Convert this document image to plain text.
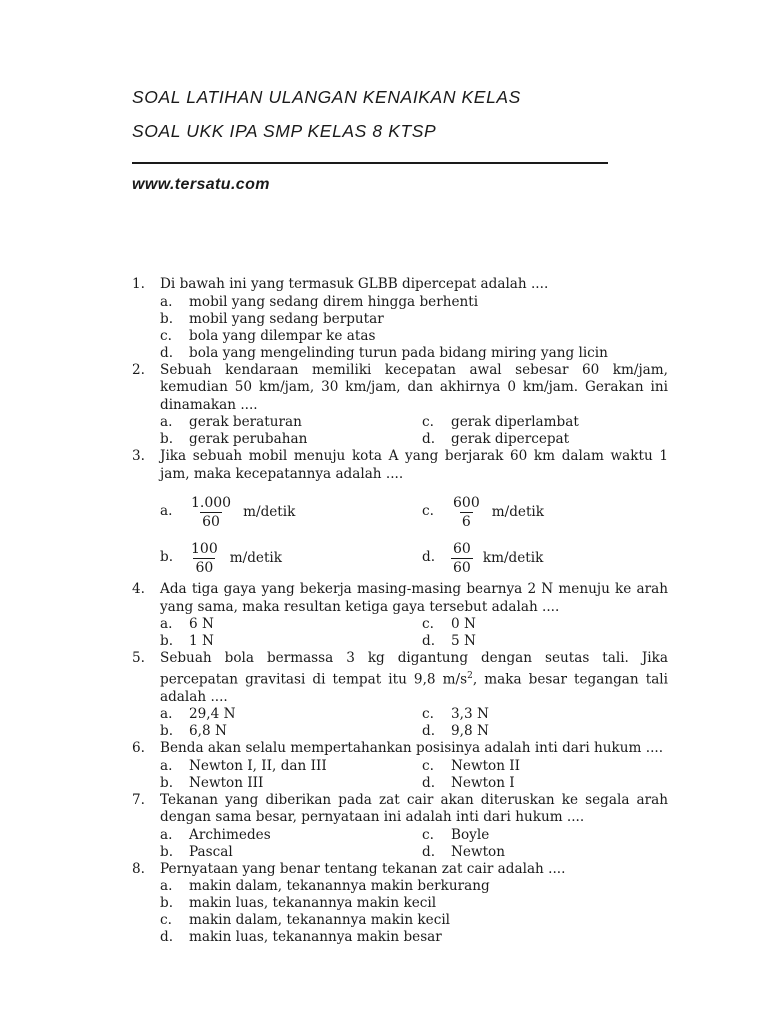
SOAL LATIHAN ULANGAN KENAIKAN KELAS

SOAL UKK IPA SMP KELAS 8 KTSP

www.tersatu.com
1. Di bawah ini yang termasuk GLBB dipercepat adalah ....
a. mobil yang sedang direm hingga berhenti
b. mobil yang sedang berputar
c. bola yang dilempar ke atas
d. bola yang mengelinding turun pada bidang miring yang licin
2. Sebuah kendaraan memiliki kecepatan awal sebesar 60 km/jam, kemudian 50 km/jam, 30 km/jam, dan akhirnya 0 km/jam. Gerakan ini dinamakan ....
a. gerak beraturan	c. gerak diperlambat
b. gerak perubahan	d. gerak dipercepat
3. Jika sebuah mobil menuju kota A yang berjarak 60 km dalam waktu 1 jam, maka kecepatannya adalah ....
a. $\frac{1.000}{60}$ m/detik	c. $\frac{600}{6}$ m/detik
b. $\frac{100}{60}$ m/detik	d. $\frac{60}{60}$ km/detik
4. Ada tiga gaya yang bekerja masing-masing bearnya 2 N menuju ke arah yang sama, maka resultan ketiga gaya tersebut adalah ....
a. 6 N	c. 0 N
b. 1 N	d. 5 N
5. Sebuah bola bermassa 3 kg digantung dengan seutas tali. Jika percepatan gravitasi di tempat itu 9,8 $m/s^2$, maka besar tegangan tali adalah ....
a. 29,4 N	c. 3,3 N
b. 6,8 N	d. 9,8 N
6. Benda akan selalu mempertahankan posisinya adalah inti dari hukum ....
a. Newton I, II, dan III	c. Newton II
b. Newton III	d. Newton I
7. Tekanan yang diberikan pada zat cair akan diteruskan ke segala arah dengan sama besar, pernyataan ini adalah inti dari hukum ....
a. Archimedes	c. Boyle
b. Pascal	d. Newton
8. Pernyataan yang benar tentang tekanan zat cair adalah ....
a. makin dalam, tekanannya makin berkurang
b. makin luas, tekanannya makin kecil
c. makin dalam, tekanannya makin kecil
d. makin luas, tekanannya makin besar
